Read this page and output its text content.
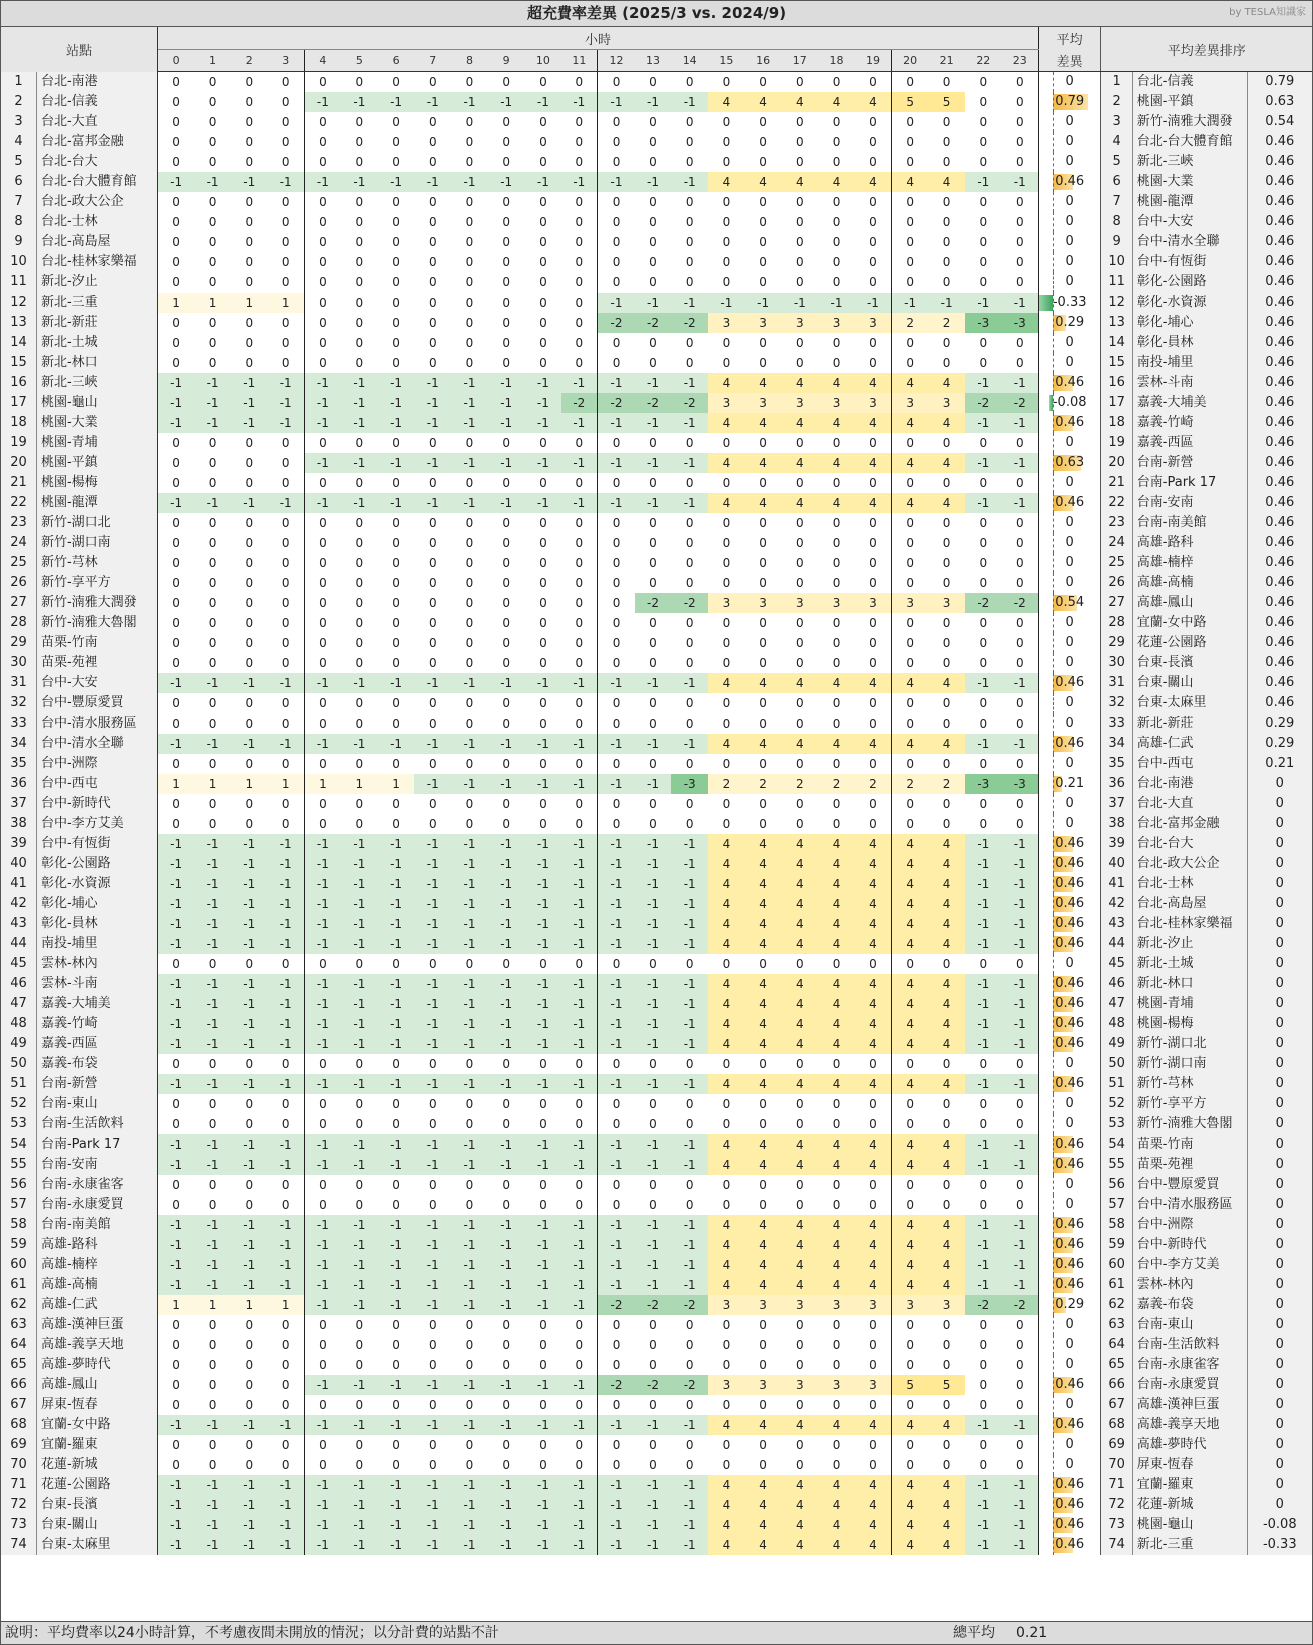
超充費率差異 (2025/3 vs. 2024/9)	by TESLA知識家
站點		小時																								平均	平均差異排序		
		0	1	2	3	4	5	6	7	8	9	10	11	12	13	14	15	16	17	18	19	20	21	22	23	差異			
1	台北-南港	0	0	0	0	0	0	0	0	0	0	0	0	0	0	0	0	0	0	0	0	0	0	0	0	0	1	台北-信義	0.79
2	台北-信義	0	0	0	0	-1	-1	-1	-1	-1	-1	-1	-1	-1	-1	-1	4	4	4	4	4	5	5	0	0	0.79	2	桃園-平鎮	0.63
3	台北-大直	0	0	0	0	0	0	0	0	0	0	0	0	0	0	0	0	0	0	0	0	0	0	0	0	0	3	新竹-湳雅大潤發	0.54
4	台北-富邦金融	0	0	0	0	0	0	0	0	0	0	0	0	0	0	0	0	0	0	0	0	0	0	0	0	0	4	台北-台大體育館	0.46
5	台北-台大	0	0	0	0	0	0	0	0	0	0	0	0	0	0	0	0	0	0	0	0	0	0	0	0	0	5	新北-三峽	0.46
6	台北-台大體育館	-1	-1	-1	-1	-1	-1	-1	-1	-1	-1	-1	-1	-1	-1	-1	4	4	4	4	4	4	4	-1	-1	0.46	6	桃園-大業	0.46
7	台北-政大公企	0	0	0	0	0	0	0	0	0	0	0	0	0	0	0	0	0	0	0	0	0	0	0	0	0	7	桃園-龍潭	0.46
8	台北-士林	0	0	0	0	0	0	0	0	0	0	0	0	0	0	0	0	0	0	0	0	0	0	0	0	0	8	台中-大安	0.46
9	台北-高島屋	0	0	0	0	0	0	0	0	0	0	0	0	0	0	0	0	0	0	0	0	0	0	0	0	0	9	台中-清水全聯	0.46
10	台北-桂林家樂福	0	0	0	0	0	0	0	0	0	0	0	0	0	0	0	0	0	0	0	0	0	0	0	0	0	10	台中-有恆街	0.46
11	新北-汐止	0	0	0	0	0	0	0	0	0	0	0	0	0	0	0	0	0	0	0	0	0	0	0	0	0	11	彰化-公園路	0.46
12	新北-三重	1	1	1	1	0	0	0	0	0	0	0	0	-1	-1	-1	-1	-1	-1	-1	-1	-1	-1	-1	-1	-0.33	12	彰化-水資源	0.46
13	新北-新莊	0	0	0	0	0	0	0	0	0	0	0	0	-2	-2	-2	3	3	3	3	3	2	2	-3	-3	0.29	13	彰化-埔心	0.46
14	新北-土城	0	0	0	0	0	0	0	0	0	0	0	0	0	0	0	0	0	0	0	0	0	0	0	0	0	14	彰化-員林	0.46
15	新北-林口	0	0	0	0	0	0	0	0	0	0	0	0	0	0	0	0	0	0	0	0	0	0	0	0	0	15	南投-埔里	0.46
16	新北-三峽	-1	-1	-1	-1	-1	-1	-1	-1	-1	-1	-1	-1	-1	-1	-1	4	4	4	4	4	4	4	-1	-1	0.46	16	雲林-斗南	0.46
17	桃園-龜山	-1	-1	-1	-1	-1	-1	-1	-1	-1	-1	-1	-2	-2	-2	-2	3	3	3	3	3	3	3	-2	-2	-0.08	17	嘉義-大埔美	0.46
18	桃園-大業	-1	-1	-1	-1	-1	-1	-1	-1	-1	-1	-1	-1	-1	-1	-1	4	4	4	4	4	4	4	-1	-1	0.46	18	嘉義-竹崎	0.46
19	桃園-青埔	0	0	0	0	0	0	0	0	0	0	0	0	0	0	0	0	0	0	0	0	0	0	0	0	0	19	嘉義-西區	0.46
20	桃園-平鎮	0	0	0	0	-1	-1	-1	-1	-1	-1	-1	-1	-1	-1	-1	4	4	4	4	4	4	4	-1	-1	0.63	20	台南-新營	0.46
21	桃園-楊梅	0	0	0	0	0	0	0	0	0	0	0	0	0	0	0	0	0	0	0	0	0	0	0	0	0	21	台南-Park 17	0.46
22	桃園-龍潭	-1	-1	-1	-1	-1	-1	-1	-1	-1	-1	-1	-1	-1	-1	-1	4	4	4	4	4	4	4	-1	-1	0.46	22	台南-安南	0.46
23	新竹-湖口北	0	0	0	0	0	0	0	0	0	0	0	0	0	0	0	0	0	0	0	0	0	0	0	0	0	23	台南-南美館	0.46
24	新竹-湖口南	0	0	0	0	0	0	0	0	0	0	0	0	0	0	0	0	0	0	0	0	0	0	0	0	0	24	高雄-路科	0.46
25	新竹-芎林	0	0	0	0	0	0	0	0	0	0	0	0	0	0	0	0	0	0	0	0	0	0	0	0	0	25	高雄-楠梓	0.46
26	新竹-享平方	0	0	0	0	0	0	0	0	0	0	0	0	0	0	0	0	0	0	0	0	0	0	0	0	0	26	高雄-高楠	0.46
27	新竹-湳雅大潤發	0	0	0	0	0	0	0	0	0	0	0	0	0	-2	-2	3	3	3	3	3	3	3	-2	-2	0.54	27	高雄-鳳山	0.46
28	新竹-湳雅大魯閣	0	0	0	0	0	0	0	0	0	0	0	0	0	0	0	0	0	0	0	0	0	0	0	0	0	28	宜蘭-女中路	0.46
29	苗栗-竹南	0	0	0	0	0	0	0	0	0	0	0	0	0	0	0	0	0	0	0	0	0	0	0	0	0	29	花蓮-公園路	0.46
30	苗栗-苑裡	0	0	0	0	0	0	0	0	0	0	0	0	0	0	0	0	0	0	0	0	0	0	0	0	0	30	台東-長濱	0.46
31	台中-大安	-1	-1	-1	-1	-1	-1	-1	-1	-1	-1	-1	-1	-1	-1	-1	4	4	4	4	4	4	4	-1	-1	0.46	31	台東-關山	0.46
32	台中-豐原愛買	0	0	0	0	0	0	0	0	0	0	0	0	0	0	0	0	0	0	0	0	0	0	0	0	0	32	台東-太麻里	0.46
33	台中-清水服務區	0	0	0	0	0	0	0	0	0	0	0	0	0	0	0	0	0	0	0	0	0	0	0	0	0	33	新北-新莊	0.29
34	台中-清水全聯	-1	-1	-1	-1	-1	-1	-1	-1	-1	-1	-1	-1	-1	-1	-1	4	4	4	4	4	4	4	-1	-1	0.46	34	高雄-仁武	0.29
35	台中-洲際	0	0	0	0	0	0	0	0	0	0	0	0	0	0	0	0	0	0	0	0	0	0	0	0	0	35	台中-西屯	0.21
36	台中-西屯	1	1	1	1	1	1	1	-1	-1	-1	-1	-1	-1	-1	-3	2	2	2	2	2	2	2	-3	-3	0.21	36	台北-南港	0
37	台中-新時代	0	0	0	0	0	0	0	0	0	0	0	0	0	0	0	0	0	0	0	0	0	0	0	0	0	37	台北-大直	0
38	台中-李方艾美	0	0	0	0	0	0	0	0	0	0	0	0	0	0	0	0	0	0	0	0	0	0	0	0	0	38	台北-富邦金融	0
39	台中-有恆街	-1	-1	-1	-1	-1	-1	-1	-1	-1	-1	-1	-1	-1	-1	-1	4	4	4	4	4	4	4	-1	-1	0.46	39	台北-台大	0
40	彰化-公園路	-1	-1	-1	-1	-1	-1	-1	-1	-1	-1	-1	-1	-1	-1	-1	4	4	4	4	4	4	4	-1	-1	0.46	40	台北-政大公企	0
41	彰化-水資源	-1	-1	-1	-1	-1	-1	-1	-1	-1	-1	-1	-1	-1	-1	-1	4	4	4	4	4	4	4	-1	-1	0.46	41	台北-士林	0
42	彰化-埔心	-1	-1	-1	-1	-1	-1	-1	-1	-1	-1	-1	-1	-1	-1	-1	4	4	4	4	4	4	4	-1	-1	0.46	42	台北-高島屋	0
43	彰化-員林	-1	-1	-1	-1	-1	-1	-1	-1	-1	-1	-1	-1	-1	-1	-1	4	4	4	4	4	4	4	-1	-1	0.46	43	台北-桂林家樂福	0
44	南投-埔里	-1	-1	-1	-1	-1	-1	-1	-1	-1	-1	-1	-1	-1	-1	-1	4	4	4	4	4	4	4	-1	-1	0.46	44	新北-汐止	0
45	雲林-林內	0	0	0	0	0	0	0	0	0	0	0	0	0	0	0	0	0	0	0	0	0	0	0	0	0	45	新北-土城	0
46	雲林-斗南	-1	-1	-1	-1	-1	-1	-1	-1	-1	-1	-1	-1	-1	-1	-1	4	4	4	4	4	4	4	-1	-1	0.46	46	新北-林口	0
47	嘉義-大埔美	-1	-1	-1	-1	-1	-1	-1	-1	-1	-1	-1	-1	-1	-1	-1	4	4	4	4	4	4	4	-1	-1	0.46	47	桃園-青埔	0
48	嘉義-竹崎	-1	-1	-1	-1	-1	-1	-1	-1	-1	-1	-1	-1	-1	-1	-1	4	4	4	4	4	4	4	-1	-1	0.46	48	桃園-楊梅	0
49	嘉義-西區	-1	-1	-1	-1	-1	-1	-1	-1	-1	-1	-1	-1	-1	-1	-1	4	4	4	4	4	4	4	-1	-1	0.46	49	新竹-湖口北	0
50	嘉義-布袋	0	0	0	0	0	0	0	0	0	0	0	0	0	0	0	0	0	0	0	0	0	0	0	0	0	50	新竹-湖口南	0
51	台南-新營	-1	-1	-1	-1	-1	-1	-1	-1	-1	-1	-1	-1	-1	-1	-1	4	4	4	4	4	4	4	-1	-1	0.46	51	新竹-芎林	0
52	台南-東山	0	0	0	0	0	0	0	0	0	0	0	0	0	0	0	0	0	0	0	0	0	0	0	0	0	52	新竹-享平方	0
53	台南-生活飲料	0	0	0	0	0	0	0	0	0	0	0	0	0	0	0	0	0	0	0	0	0	0	0	0	0	53	新竹-湳雅大魯閣	0
54	台南-Park 17	-1	-1	-1	-1	-1	-1	-1	-1	-1	-1	-1	-1	-1	-1	-1	4	4	4	4	4	4	4	-1	-1	0.46	54	苗栗-竹南	0
55	台南-安南	-1	-1	-1	-1	-1	-1	-1	-1	-1	-1	-1	-1	-1	-1	-1	4	4	4	4	4	4	4	-1	-1	0.46	55	苗栗-苑裡	0
56	台南-永康雀客	0	0	0	0	0	0	0	0	0	0	0	0	0	0	0	0	0	0	0	0	0	0	0	0	0	56	台中-豐原愛買	0
57	台南-永康愛買	0	0	0	0	0	0	0	0	0	0	0	0	0	0	0	0	0	0	0	0	0	0	0	0	0	57	台中-清水服務區	0
58	台南-南美館	-1	-1	-1	-1	-1	-1	-1	-1	-1	-1	-1	-1	-1	-1	-1	4	4	4	4	4	4	4	-1	-1	0.46	58	台中-洲際	0
59	高雄-路科	-1	-1	-1	-1	-1	-1	-1	-1	-1	-1	-1	-1	-1	-1	-1	4	4	4	4	4	4	4	-1	-1	0.46	59	台中-新時代	0
60	高雄-楠梓	-1	-1	-1	-1	-1	-1	-1	-1	-1	-1	-1	-1	-1	-1	-1	4	4	4	4	4	4	4	-1	-1	0.46	60	台中-李方艾美	0
61	高雄-高楠	-1	-1	-1	-1	-1	-1	-1	-1	-1	-1	-1	-1	-1	-1	-1	4	4	4	4	4	4	4	-1	-1	0.46	61	雲林-林內	0
62	高雄-仁武	1	1	1	1	-1	-1	-1	-1	-1	-1	-1	-1	-2	-2	-2	3	3	3	3	3	3	3	-2	-2	0.29	62	嘉義-布袋	0
63	高雄-漢神巨蛋	0	0	0	0	0	0	0	0	0	0	0	0	0	0	0	0	0	0	0	0	0	0	0	0	0	63	台南-東山	0
64	高雄-義享天地	0	0	0	0	0	0	0	0	0	0	0	0	0	0	0	0	0	0	0	0	0	0	0	0	0	64	台南-生活飲料	0
65	高雄-夢時代	0	0	0	0	0	0	0	0	0	0	0	0	0	0	0	0	0	0	0	0	0	0	0	0	0	65	台南-永康雀客	0
66	高雄-鳳山	0	0	0	0	-1	-1	-1	-1	-1	-1	-1	-1	-2	-2	-2	3	3	3	3	3	5	5	0	0	0.46	66	台南-永康愛買	0
67	屏東-恆春	0	0	0	0	0	0	0	0	0	0	0	0	0	0	0	0	0	0	0	0	0	0	0	0	0	67	高雄-漢神巨蛋	0
68	宜蘭-女中路	-1	-1	-1	-1	-1	-1	-1	-1	-1	-1	-1	-1	-1	-1	-1	4	4	4	4	4	4	4	-1	-1	0.46	68	高雄-義享天地	0
69	宜蘭-羅東	0	0	0	0	0	0	0	0	0	0	0	0	0	0	0	0	0	0	0	0	0	0	0	0	0	69	高雄-夢時代	0
70	花蓮-新城	0	0	0	0	0	0	0	0	0	0	0	0	0	0	0	0	0	0	0	0	0	0	0	0	0	70	屏東-恆春	0
71	花蓮-公園路	-1	-1	-1	-1	-1	-1	-1	-1	-1	-1	-1	-1	-1	-1	-1	4	4	4	4	4	4	4	-1	-1	0.46	71	宜蘭-羅東	0
72	台東-長濱	-1	-1	-1	-1	-1	-1	-1	-1	-1	-1	-1	-1	-1	-1	-1	4	4	4	4	4	4	4	-1	-1	0.46	72	花蓮-新城	0
73	台東-關山	-1	-1	-1	-1	-1	-1	-1	-1	-1	-1	-1	-1	-1	-1	-1	4	4	4	4	4	4	4	-1	-1	0.46	73	桃園-龜山	-0.08
74	台東-太麻里	-1	-1	-1	-1	-1	-1	-1	-1	-1	-1	-1	-1	-1	-1	-1	4	4	4	4	4	4	4	-1	-1	0.46	74	新北-三重	-0.33
說明：平均費率以24小時計算，不考慮夜間未開放的情況；以分計費的站點不計	總平均 0.21
